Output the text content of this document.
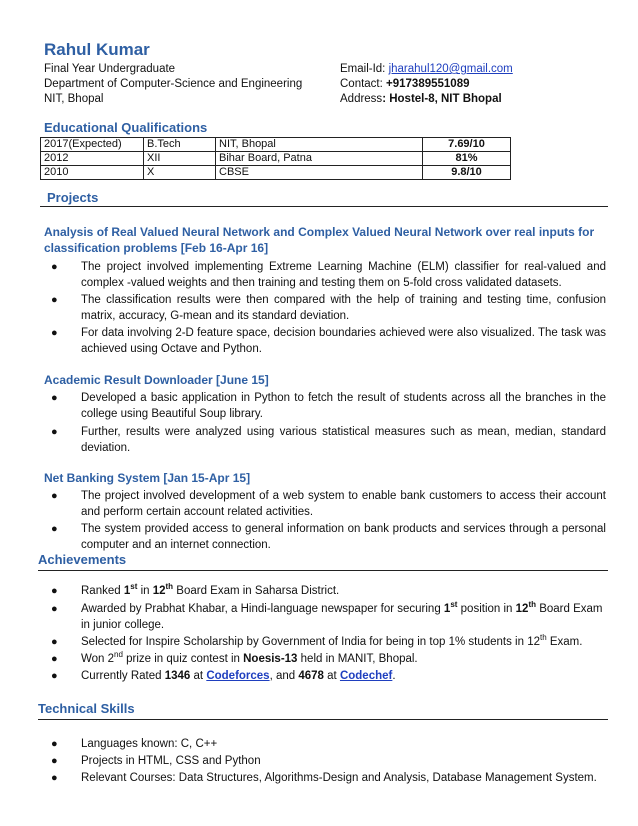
Rahul Kumar
Final Year Undergraduate
Department of Computer-Science and Engineering
NIT, Bhopal
Email-Id: jharahul120@gmail.com
Contact: +917389551089
Address: Hostel-8, NIT Bhopal
Educational Qualifications
2017(Expected)	B.Tech	NIT, Bhopal	7.69/10
2012	XII	Bihar Board, Patna	81%
2010	X	CBSE	9.8/10
Projects
Analysis of Real Valued Neural Network and Complex Valued Neural Network over real inputs for classification problems [Feb 16-Apr 16]
● The project involved implementing Extreme Learning Machine (ELM) classifier for real-valued and complex -valued weights and then training and testing them on 5-fold cross validated datasets.
● The classification results were then compared with the help of training and testing time, confusion matrix, accuracy, G-mean and its standard deviation.
● For data involving 2-D feature space, decision boundaries achieved were also visualized. The task was achieved using Octave and Python.
Academic Result Downloader [June 15]
● Developed a basic application in Python to fetch the result of students across all the branches in the college using Beautiful Soup library.
● Further, results were analyzed using various statistical measures such as mean, median, standard deviation.
Net Banking System [Jan 15-Apr 15]
● The project involved development of a web system to enable bank customers to access their account and perform certain account related activities.
● The system provided access to general information on bank products and services through a personal computer and an internet connection.
Achievements
● Ranked 1st in 12th Board Exam in Saharsa District.
● Awarded by Prabhat Khabar, a Hindi-language newspaper for securing 1st position in 12th Board Exam in junior college.
● Selected for Inspire Scholarship by Government of India for being in top 1% students in 12th Exam.
● Won 2nd prize in quiz contest in Noesis-13 held in MANIT, Bhopal.
● Currently Rated 1346 at Codeforces, and 4678 at Codechef.
Technical Skills
● Languages known: C, C++
● Projects in HTML, CSS and Python
● Relevant Courses: Data Structures, Algorithms-Design and Analysis, Database Management System.
